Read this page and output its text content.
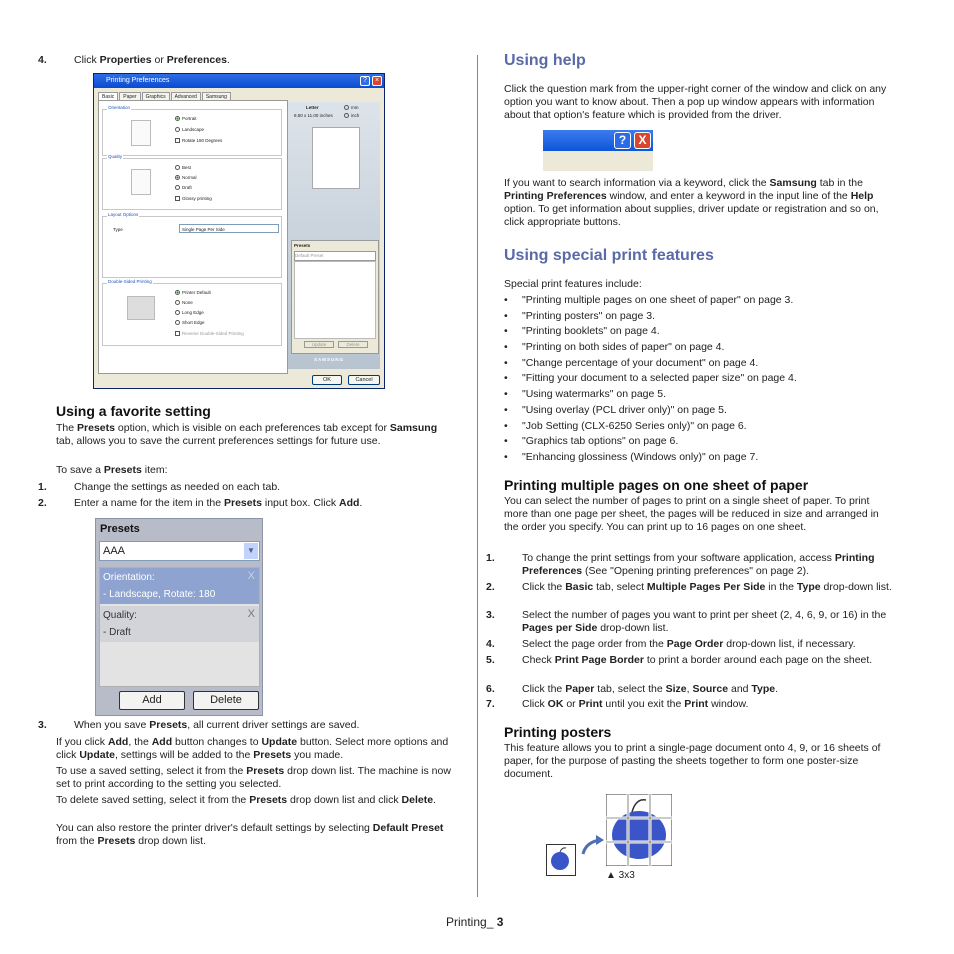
4.	Click Properties or Preferences.

Printing Preferences	?	×
Basic Paper Graphics Advanced Samsung
Orientation
Portrait
Landscape
Rotate 180 Degrees
Quality
Best
Normal
Draft
Glossy printing
Layout Options
Type	Single Page Per Side
Double-Sided Printing
Printer Default
None
Long Edge
Short Edge
Reverse Double-Sided Printing
Letter
8.50 x 11.00 inches
mm
inch
Presets
Default Preset
Update	Delete
SAMSUNG
OK	Cancel
Using a favorite setting

The Presets option, which is visible on each preferences tab except for Samsung tab, allows you to save the current preferences settings for future use.

To save a Presets item:

1.	Change the settings as needed on each tab.

2.	Enter a name for the item in the Presets input box. Click Add.

Presets
AAA	▼
Orientation:
- Landscape, Rotate: 180
X
Quality:
- Draft
X
Add	Delete

3.	When you save Presets, all current driver settings are saved.

If you click Add, the Add button changes to Update button. Select more options and click Update, settings will be added to the Presets you made.

To use a saved setting, select it from the Presets drop down list. The machine is now set to print according to the setting you selected.

To delete saved setting, select it from the Presets drop down list and click Delete.

You can also restore the printer driver's default settings by selecting Default Preset from the Presets drop down list.

Using help

Click the question mark from the upper-right corner of the window and click on any option you want to know about. Then a pop up window appears with information about that option's feature which is provided from the driver.

?	X

If you want to search information via a keyword, click the Samsung tab in the Printing Preferences window, and enter a keyword in the input line of the Help option. To get information about supplies, driver update or registration and so on, click appropriate buttons.

Using special print features

Special print features include:

• "Printing multiple pages on one sheet of paper" on page 3.

• "Printing posters" on page 3.

• "Printing booklets" on page 4.

• "Printing on both sides of paper" on page 4.

• "Change percentage of your document" on page 4.

• "Fitting your document to a selected paper size" on page 4.

• "Using watermarks" on page 5.

• "Using overlay (PCL driver only)" on page 5.

• "Job Setting (CLX-6250 Series only)" on page 6.

• "Graphics tab options" on page 6.

• "Enhancing glossiness (Windows only)" on page 7.

Printing multiple pages on one sheet of paper

You can select the number of pages to print on a single sheet of paper. To print more than one page per sheet, the pages will be reduced in size and arranged in the order you specify. You can print up to 16 pages on one sheet.

1.	To change the print settings from your software application, access Printing Preferences (See "Opening printing preferences" on page 2).

2.	Click the Basic tab, select Multiple Pages Per Side in the Type drop-down list.

3.	Select the number of pages you want to print per sheet (2, 4, 6, 9, or 16) in the Pages per Side drop-down list.

4.	Select the page order from the Page Order drop-down list, if necessary.

5.	Check Print Page Border to print a border around each page on the sheet.

6.	Click the Paper tab, select the Size, Source and Type.

7.	Click OK or Print until you exit the Print window.

Printing posters

This feature allows you to print a single-page document onto 4, 9, or 16 sheets of paper, for the purpose of pasting the sheets together to form one poster-size document.

▲ 3x3
Printing_ 3
